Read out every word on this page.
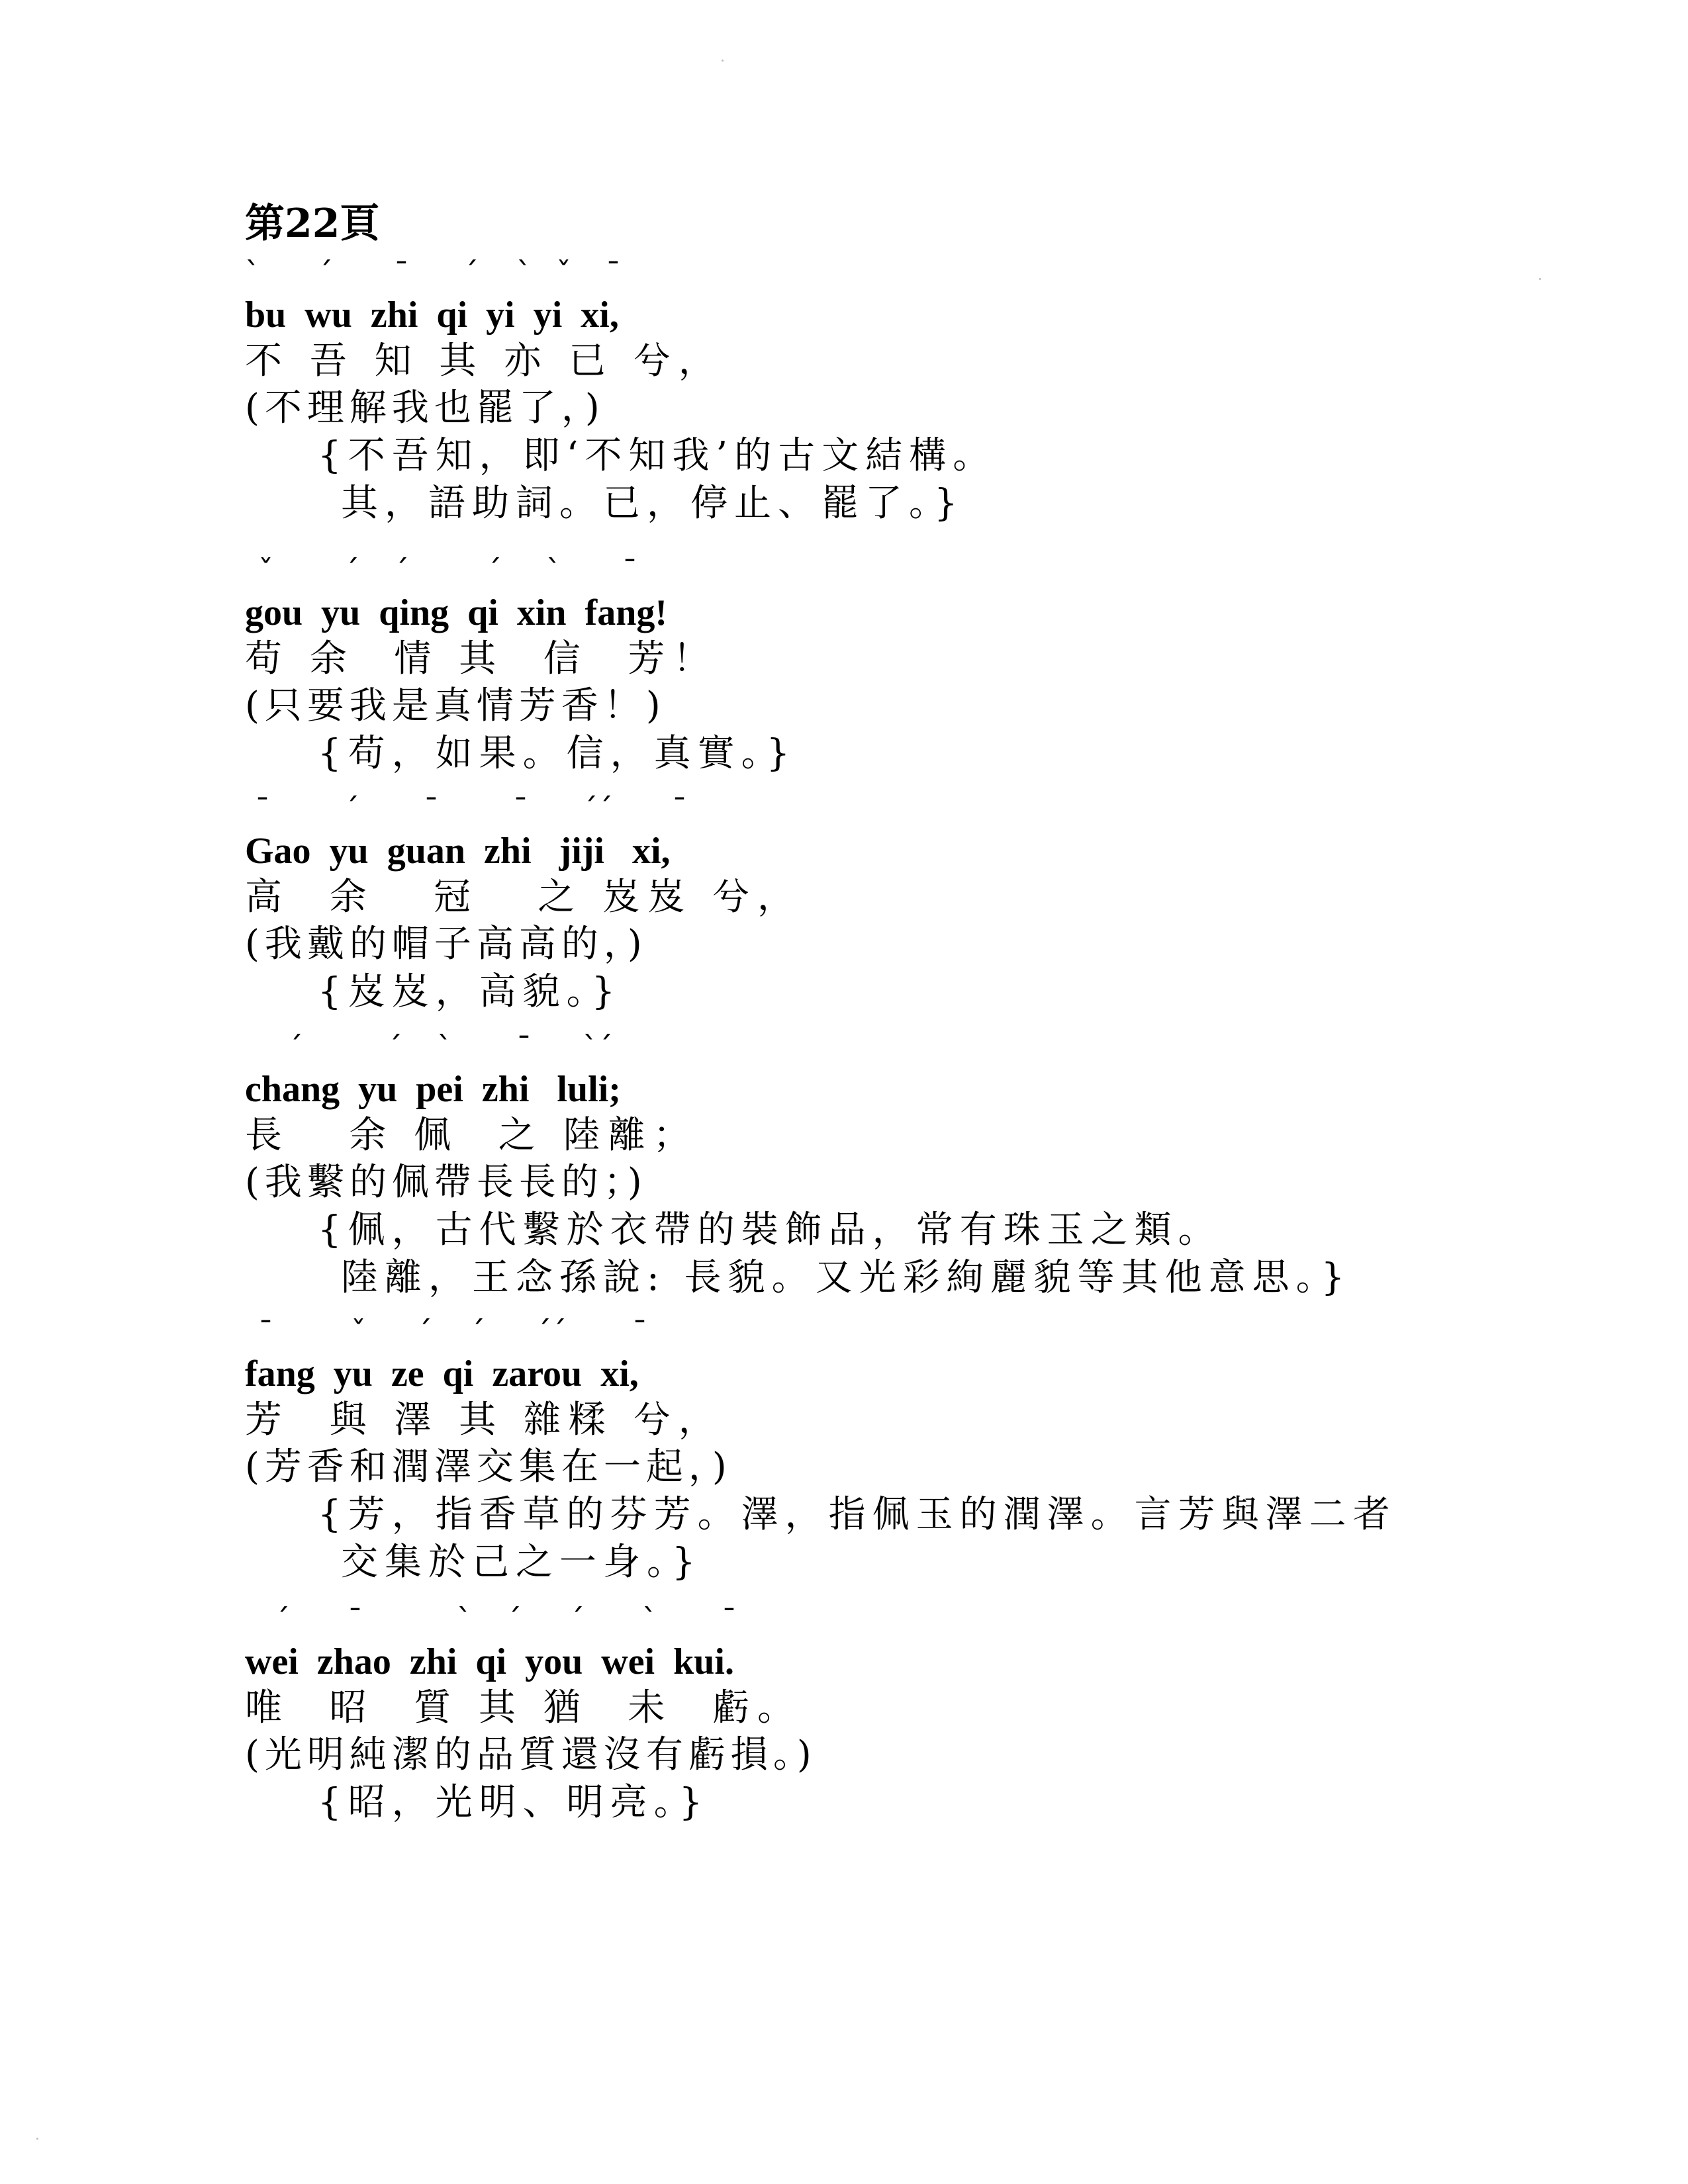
第22頁

ˋ

ˊ

ˉ

ˊ

ˋ

ˇ

ˉ

bu  wu  zhi  qi  yi  yi  xi,
不 吾 知 其 亦 已 兮，
(不理解我也罷了，)
{不吾知，即‘不知我’的古文結構。
其，語助詞。已，停止、罷了。}

ˇ

ˊ

ˊ

	ˊ

ˋ

ˉ

gou  yu  qing  qi  xin  fang!
苟 余  情 其  信  芳！
(只要我是真情芳香！)
{苟，如果。信，真實。}

ˉ

ˊ

ˉ

ˉ

ˊˊ

ˉ

Gao  yu  guan  zhi   jiji   xi,
高  余   冠   之 岌岌 兮，
(我戴的帽子高高的，)
{岌岌，高貌。}

ˊ

	ˊ

ˋ

ˉ

ˋˊ

chang  yu  pei  zhi   luli;
長   余 佩  之 陸離；
(我繫的佩帶長長的；)
{佩，古代繫於衣帶的裝飾品，常有珠玉之類。
陸離，王念孫說: 長貌。又光彩絢麗貌等其他意思。}

ˉ

	ˇ

ˊ

ˊ

ˊˊ

ˉ

fang  yu  ze  qi  zarou  xi,
芳  與 澤 其 雜糅 兮，
(芳香和潤澤交集在一起，)
{芳，指香草的芬芳。澤，指佩玉的潤澤。言芳與澤二者
交集於己之一身。}

ˊ

ˉ

	ˋ

ˊ

ˊ

ˋ

ˉ

wei  zhao  zhi  qi  you  wei  kui.
唯  昭  質 其 猶  未  虧。
(光明純潔的品質還沒有虧損。)
{昭，光明、明亮。}
